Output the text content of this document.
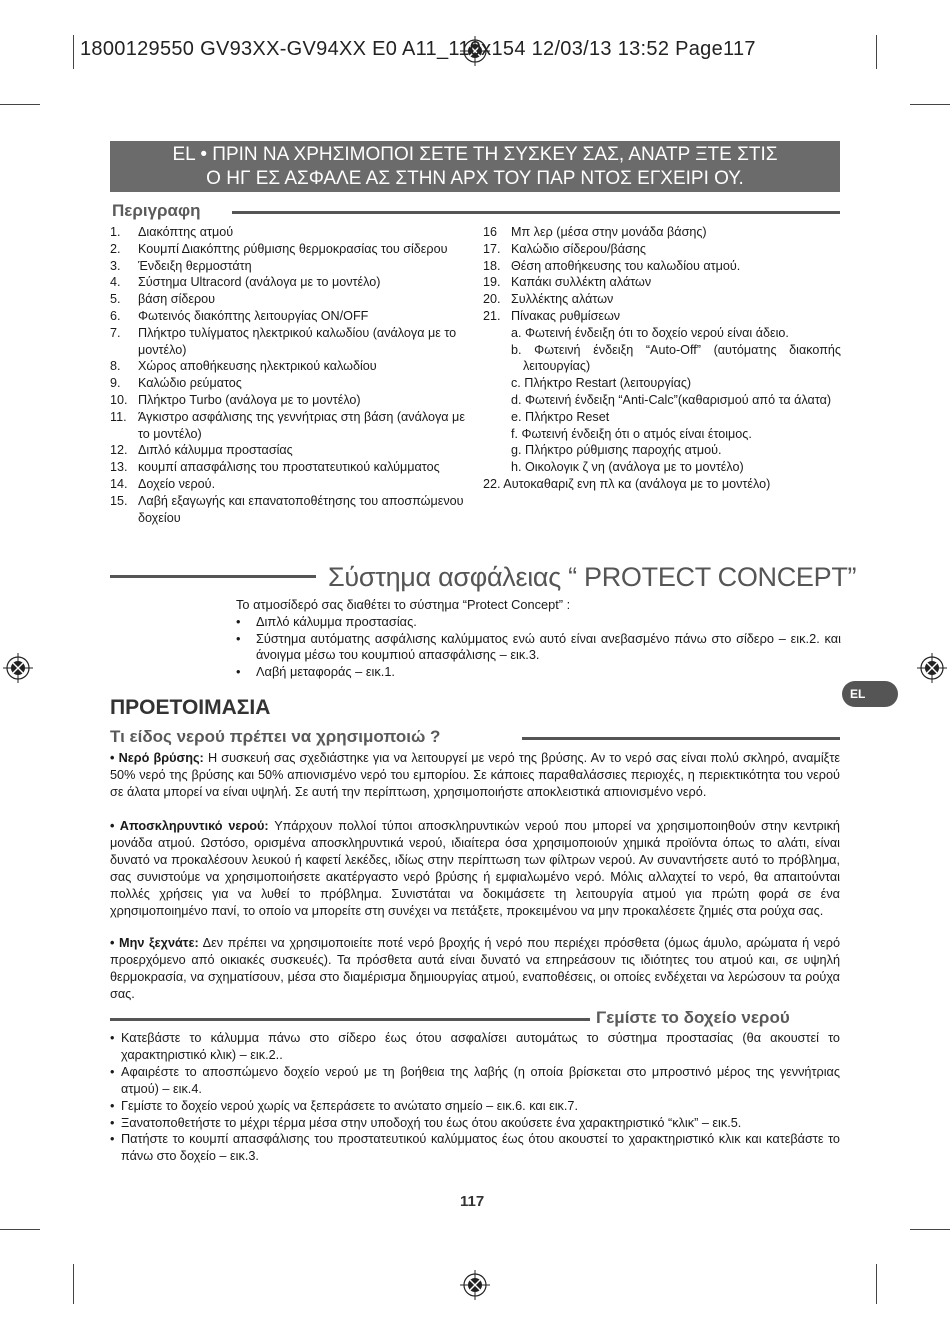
1800129550 GV93XX-GV94XX E0 A11_110x154 12/03/13 13:52 Page117
EL • ΠΡΙΝ ΝΑ ΧΡΗΣΙΜΟΠΟΙ ΣΕΤΕ ΤΗ ΣΥΣΚΕΥ ΣΑΣ, ΑΝΑΤΡ ΞΤΕ ΣΤΙΣ
Ο ΗΓ ΕΣ ΑΣΦΑΛΕ ΑΣ ΣΤΗΝ ΑΡΧ ΤΟΥ ΠΑΡ ΝΤΟΣ ΕΓΧΕΙΡΙ ΟΥ.
Περιγραφη
1. Διακόπτης ατμού
2. Κουμπί Διακόπτης ρύθμισης θερμοκρασίας του σίδερου
3. Ένδειξη θερμοστάτη
4. Σύστημα Ultracord (ανάλογα με το μοντέλο)
5. βάση σίδερου
6. Φωτεινός διακόπτης λειτουργίας ON/OFF
7. Πλήκτρο τυλίγματος ηλεκτρικού καλωδίου (ανάλογα με το μοντέλο)
8. Χώρος αποθήκευσης ηλεκτρικού καλωδίου
9. Καλώδιο ρεύματος
10. Πλήκτρο Turbo (ανάλογα με το μοντέλο)
11. Άγκιστρο ασφάλισης της γεννήτριας στη βάση (ανάλογα με το μοντέλο)
12. Διπλό κάλυμμα προστασίας
13. κουμπί απασφάλισης του προστατευτικού καλύμματος
14. Δοχείο νερού.
15. Λαβή εξαγωγής και επανατοποθέτησης του αποσπώμενου δοχείου
16 Μπ λερ (μέσα στην μονάδα βάσης)
17. Καλώδιο σίδερου/βάσης
18. Θέση αποθήκευσης του καλωδίου ατμού.
19. Καπάκι συλλέκτη αλάτων
20. Συλλέκτης αλάτων
21. Πίνακας ρυθμίσεων
a. Φωτεινή ένδειξη ότι το δοχείο νερού είναι άδειο.
b. Φωτεινή ένδειξη “Auto-Off” (αυτόματης διακοπής λειτουργίας)
c. Πλήκτρο Restart (λειτουργίας)
d. Φωτεινή ένδειξη “Anti-Calc”(καθαρισμού από τα άλατα)
e. Πλήκτρο Reset
f. Φωτεινή ένδειξη ότι ο ατμός είναι έτοιμος.
g. Πλήκτρο ρύθμισης παροχής ατμού.
h. Οικολογικ ζ νη (ανάλογα με το μοντέλο)
22. Αυτοκαθαριζ ενη πλ κα (ανάλογα με το μοντέλο)
Σύστημα ασφάλειας “ PROTECT CONCEPT”
Το ατμοσίδερό σας διαθέτει το σύστημα “Protect Concept” :
• Διπλό κάλυμμα προστασίας.
• Σύστημα αυτόματης ασφάλισης καλύμματος ενώ αυτό είναι ανεβασμένο πάνω στο σίδερο – εικ.2. και άνοιγμα μέσω του κουμπιού απασφάλισης – εικ.3.
• Λαβή μεταφοράς – εικ.1.
EL
ΠΡΟΕΤΟΙΜΑΣΙΑ
Τι είδος νερού πρέπει να χρησιμοποιώ ?
• Νερό βρύσης: Η συσκευή σας σχεδιάστηκε για να λειτουργεί με νερό της βρύσης. Αν το νερό σας είναι πολύ σκληρό, αναμίξτε 50% νερό της βρύσης και 50% απιονισμένο νερό του εμπορίου. Σε κάποιες παραθαλάσσιες περιοχές, η περιεκτικότητα του νερού σε άλατα μπορεί να είναι υψηλή. Σε αυτή την περίπτωση, χρησιμοποιήστε αποκλειστικά απιονισμένο νερό.
• Αποσκληρυντικό νερού: Υπάρχουν πολλοί τύποι αποσκληρυντικών νερού που μπορεί να χρησιμοποιηθούν στην κεντρική μονάδα ατμού. Ωστόσο, ορισμένα αποσκληρυντικά νερού, ιδιαίτερα όσα χρησιμοποιούν χημικά προϊόντα όπως το αλάτι, είναι δυνατό να προκαλέσουν λευκού ή καφετί λεκέδες, ιδίως στην περίπτωση των φίλτρων νερού. Αν συναντήσετε αυτό το πρόβλημα, σας συνιστούμε να χρησιμοποιήσετε ακατέργαστο νερό βρύσης ή εμφιαλωμένο νερό. Μόλις αλλαχτεί το νερό, θα απαιτούνται πολλές χρήσεις για να λυθεί το πρόβλημα. Συνιστάται να δοκιμάσετε τη λειτουργία ατμού για πρώτη φορά σε ένα χρησιμοποιημένο πανί, το οποίο να μπορείτε στη συνέχει να πετάξετε, προκειμένου να μην προκαλέσετε ζημιές στα ρούχα σας.
• Μην ξεχνάτε: Δεν πρέπει να χρησιμοποιείτε ποτέ νερό βροχής ή νερό που περιέχει πρόσθετα (όμως άμυλο, αρώματα ή νερό προερχόμενο από οικιακές συσκευές). Τα πρόσθετα αυτά είναι δυνατό να επηρεάσουν τις ιδιότητες του ατμού και, σε υψηλή θερμοκρασία, να σχηματίσουν, μέσα στο διαμέρισμα δημιουργίας ατμού, εναποθέσεις, οι οποίες ενδέχεται να λερώσουν τα ρούχα σας.
Γεμίστε το δοχείο νερού
• Κατεβάστε το κάλυμμα πάνω στο σίδερο έως ότου ασφαλίσει αυτομάτως το σύστημα προστασίας (θα ακουστεί το χαρακτηριστικό κλικ) – εικ.2..
• Αφαιρέστε το αποσπώμενο δοχείο νερού με τη βοήθεια της λαβής (η οποία βρίσκεται στο μπροστινό μέρος της γεννήτριας ατμού) – εικ.4.
• Γεμίστε το δοχείο νερού χωρίς να ξεπεράσετε το ανώτατο σημείο – εικ.6. και εικ.7.
• Ξανατοποθετήστε το μέχρι τέρμα μέσα στην υποδοχή του έως ότου ακούσετε ένα χαρακτηριστικό “κλικ” – εικ.5.
• Πατήστε το κουμπί απασφάλισης του προστατευτικού καλύμματος έως ότου ακουστεί το χαρακτηριστικό κλικ και κατεβάστε το πάνω στο δοχείο – εικ.3.
117
